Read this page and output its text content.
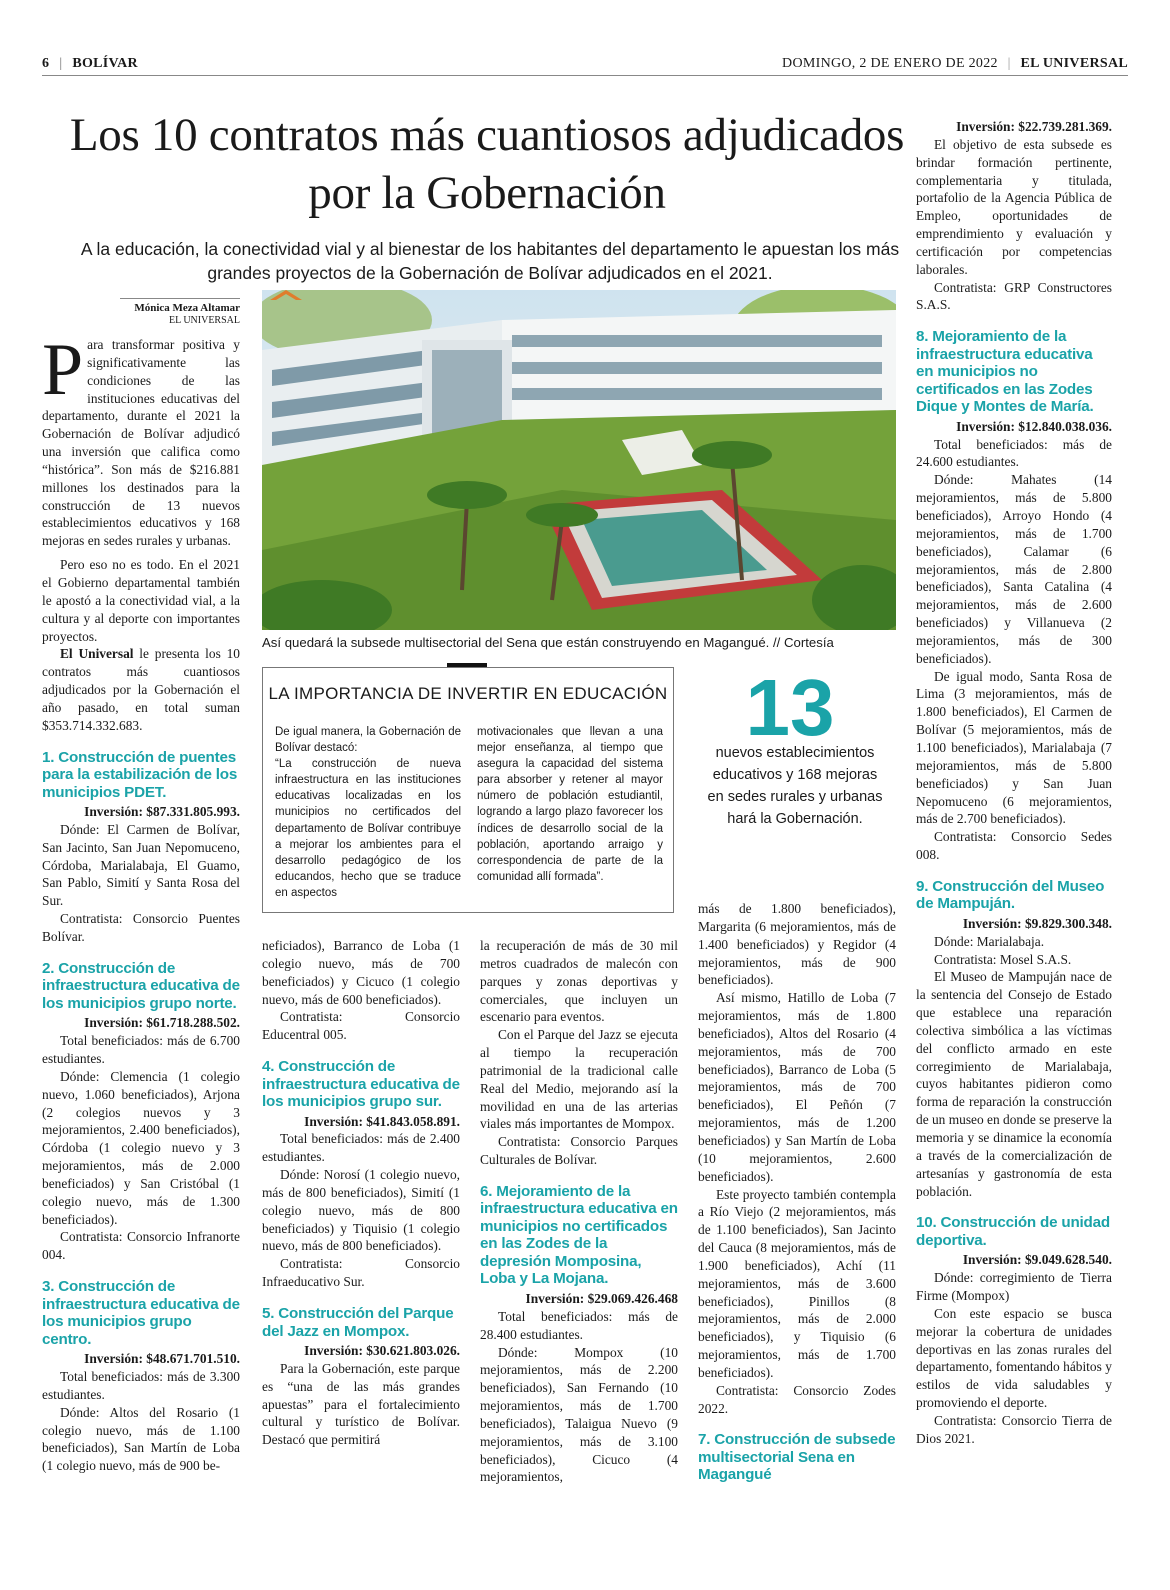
6 | BOLÍVAR	DOMINGO, 2 DE ENERO DE 2022 | EL UNIVERSAL
Los 10 contratos más cuantiosos adjudicados por la Gobernación

A la educación, la conectividad vial y al bienestar de los habitantes del departamento le apuestan los más grandes proyectos de la Gobernación de Bolívar adjudicados en el 2021.

Mónica Meza Altamar
EL UNIVERSAL
P ara transformar positiva y significativamente las condiciones de las instituciones educativas del departamento, durante el 2021 la Gobernación de Bolívar adjudicó una inversión que califica como “histórica”. Son más de $216.881 millones los destinados para la construcción de 13 nuevos establecimientos educativos y 168 mejoras en sedes rurales y urbanas.

Pero eso no es todo. En el 2021 el Gobierno departamental también le apostó a la conectividad vial, a la cultura y al deporte con importantes proyectos.

El Universal le presenta los 10 contratos más cuantiosos adjudicados por la Gobernación el año pasado, en total suman $353.714.332.683.

1. Construcción de puentes para la estabilización de los municipios PDET.

Inversión: $87.331.805.993.

Dónde: El Carmen de Bolívar, San Jacinto, San Juan Nepomuceno, Córdoba, Marialabaja, El Guamo, San Pablo, Simití y Santa Rosa del Sur.

Contratista: Consorcio Puentes Bolívar.

2. Construcción de infraestructura educativa de los municipios grupo norte.

Inversión: $61.718.288.502.

Total beneficiados: más de 6.700 estudiantes.

Dónde: Clemencia (1 colegio nuevo, 1.060 beneficiados), Arjona (2 colegios nuevos y 3 mejoramientos, 2.400 beneficiados), Córdoba (1 colegio nuevo y 3 mejoramientos, más de 2.000 beneficiados) y San Cristóbal (1 colegio nuevo, más de 1.300 beneficiados).

Contratista: Consorcio Infranorte 004.

3. Construcción de infraestructura educativa de los municipios grupo centro.

Inversión: $48.671.701.510.

Total beneficiados: más de 3.300 estudiantes.

Dónde: Altos del Rosario (1 colegio nuevo, más de 1.100 beneficiados), San Martín de Loba (1 colegio nuevo, más de 900 be-

Así quedará la subsede multisectorial del Sena que están construyendo en Magangué. // Cortesía
LA IMPORTANCIA DE INVERTIR EN EDUCACIÓN
De igual manera, la Gobernación de Bolívar destacó:
“La construcción de nueva infraestructura en las instituciones educativas localizadas en los municipios no certificados del departamento de Bolívar contribuye a mejorar los ambientes para el desarrollo pedagógico de los educandos, hecho que se traduce en aspectos
motivacionales que llevan a una mejor enseñanza, al tiempo que asegura la capacidad del sistema para absorber y retener al mayor número de población estudiantil, logrando a largo plazo favorecer los índices de desarrollo social de la población, aportando arraigo y correspondencia de parte de la comunidad allí formada”.
13
nuevos establecimientos educativos y 168 mejoras en sedes rurales y urbanas hará la Gobernación.

neficiados), Barranco de Loba (1 colegio nuevo, más de 700 beneficiados) y Cicuco (1 colegio nuevo, más de 600 beneficiados).

Contratista: Consorcio Educentral 005.

4. Construcción de infraestructura educativa de los municipios grupo sur.

Inversión: $41.843.058.891.

Total beneficiados: más de 2.400 estudiantes.

Dónde: Norosí (1 colegio nuevo, más de 800 beneficiados), Simití (1 colegio nuevo, más de 800 beneficiados) y Tiquisio (1 colegio nuevo, más de 800 beneficiados).

Contratista: Consorcio Infraeducativo Sur.

5. Construcción del Parque del Jazz en Mompox.

Inversión: $30.621.803.026.

Para la Gobernación, este parque es “una de las más grandes apuestas” para el fortalecimiento cultural y turístico de Bolívar. Destacó que permitirá

la recuperación de más de 30 mil metros cuadrados de malecón con parques y zonas deportivas y comerciales, que incluyen un escenario para eventos.

Con el Parque del Jazz se ejecuta al tiempo la recuperación patrimonial de la tradicional calle Real del Medio, mejorando así la movilidad en una de las arterias viales más importantes de Mompox.

Contratista: Consorcio Parques Culturales de Bolívar.

6. Mejoramiento de la infraestructura educativa en municipios no certificados en las Zodes de la depresión Momposina, Loba y La Mojana.

Inversión: $29.069.426.468

Total beneficiados: más de 28.400 estudiantes.

Dónde: Mompox (10 mejoramientos, más de 2.200 beneficiados), San Fernando (10 mejoramientos, más de 1.700 beneficiados), Talaigua Nuevo (9 mejoramientos, más de 3.100 beneficiados), Cicuco (4 mejoramientos,

más de 1.800 beneficiados), Margarita (6 mejoramientos, más de 1.400 beneficiados) y Regidor (4 mejoramientos, más de 900 beneficiados).

Así mismo, Hatillo de Loba (7 mejoramientos, más de 1.800 beneficiados), Altos del Rosario (4 mejoramientos, más de 700 beneficiados), Barranco de Loba (5 mejoramientos, más de 700 beneficiados), El Peñón (7 mejoramientos, más de 1.200 beneficiados) y San Martín de Loba (10 mejoramientos, 2.600 beneficiados).

Este proyecto también contempla a Río Viejo (2 mejoramientos, más de 1.100 beneficiados), San Jacinto del Cauca (8 mejoramientos, más de 1.900 beneficiados), Achí (11 mejoramientos, más de 3.600 beneficiados), Pinillos (8 mejoramientos, más de 2.000 beneficiados), y Tiquisio (6 mejoramientos, más de 1.700 beneficiados).

Contratista: Consorcio Zodes 2022.

7. Construcción de subsede multisectorial Sena en Magangué

Inversión: $22.739.281.369.

El objetivo de esta subsede es brindar formación pertinente, complementaria y titulada, portafolio de la Agencia Pública de Empleo, oportunidades de emprendimiento y evaluación y certificación por competencias laborales.

Contratista: GRP Constructores S.A.S.

8. Mejoramiento de la infraestructura educativa en municipios no certificados en las Zodes Dique y Montes de María.

Inversión: $12.840.038.036.

Total beneficiados: más de 24.600 estudiantes.

Dónde: Mahates (14 mejoramientos, más de 5.800 beneficiados), Arroyo Hondo (4 mejoramientos, más de 1.700 beneficiados), Calamar (6 mejoramientos, más de 2.800 beneficiados), Santa Catalina (4 mejoramientos, más de 2.600 beneficiados) y Villanueva (2 mejoramientos, más de 300 beneficiados).

De igual modo, Santa Rosa de Lima (3 mejoramientos, más de 1.800 beneficiados), El Carmen de Bolívar (5 mejoramientos, más de 1.100 beneficiados), Marialabaja (7 mejoramientos, más de 5.800 beneficiados) y San Juan Nepomuceno (6 mejoramientos, más de 2.700 beneficiados).

Contratista: Consorcio Sedes 008.

9. Construcción del Museo de Mampuján.

Inversión: $9.829.300.348.

Dónde: Marialabaja.

Contratista: Mosel S.A.S.

El Museo de Mampuján nace de la sentencia del Consejo de Estado que establece una reparación colectiva simbólica a las víctimas del conflicto armado en este corregimiento de Marialabaja, cuyos habitantes pidieron como forma de reparación la construcción de un museo en donde se preserve la memoria y se dinamice la economía a través de la comercialización de artesanías y gastronomía de esta población.

10. Construcción de unidad deportiva.

Inversión: $9.049.628.540.

Dónde: corregimiento de Tierra Firme (Mompox)

Con este espacio se busca mejorar la cobertura de unidades deportivas en las zonas rurales del departamento, fomentando hábitos y estilos de vida saludables y promoviendo el deporte.

Contratista: Consorcio Tierra de Dios 2021.
